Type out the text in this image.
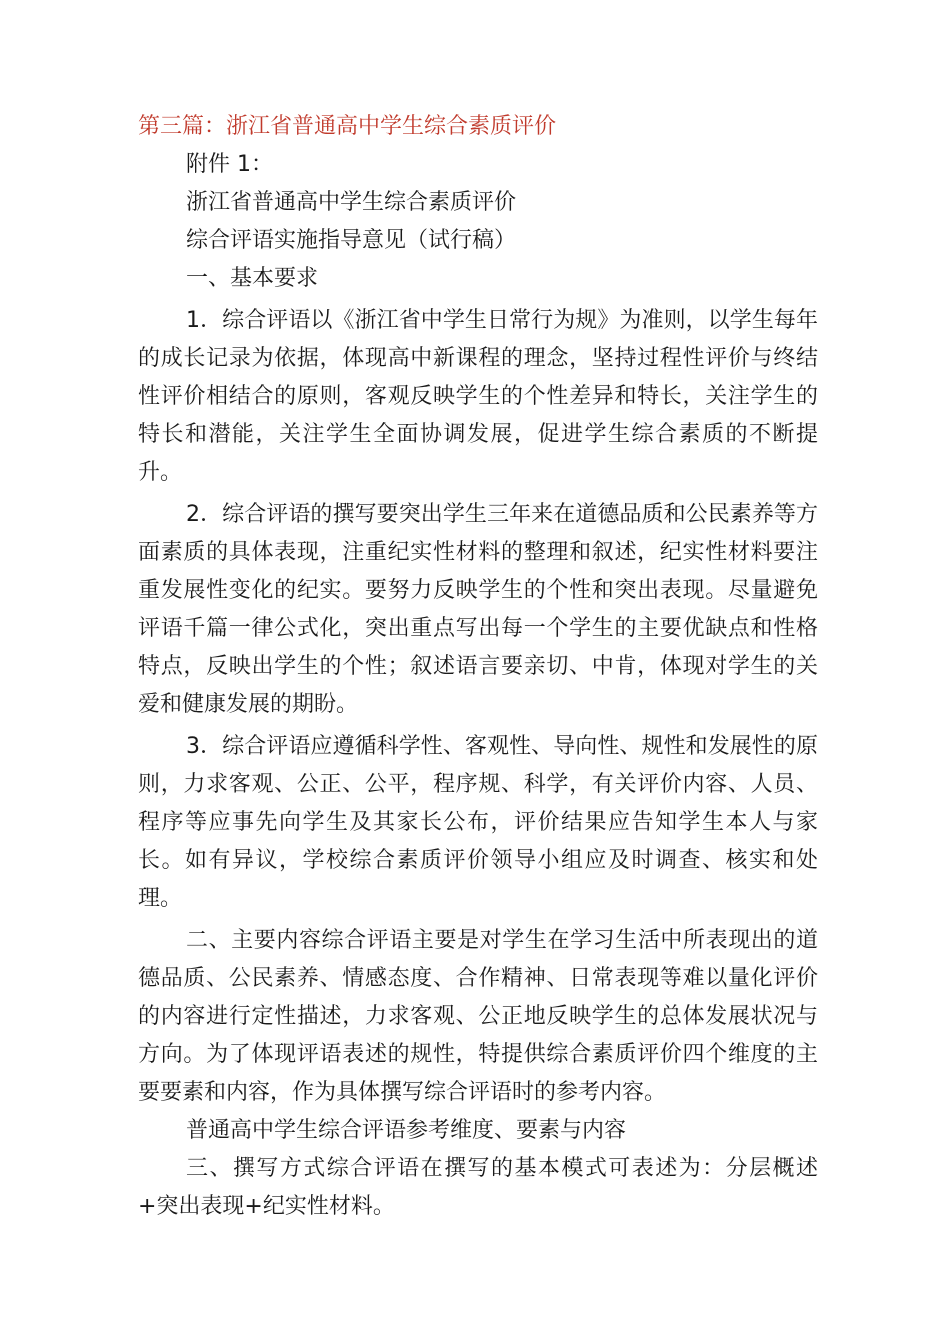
第三篇：浙江省普通高中学生综合素质评价

附件 1：

浙江省普通高中学生综合素质评价

综合评语实施指导意见（试行稿）

一、基本要求

1．综合评语以《浙江省中学生日常行为规》为准则，以学生每年的成长记录为依据，体现高中新课程的理念，坚持过程性评价与终结性评价相结合的原则，客观反映学生的个性差异和特长，关注学生的特长和潜能，关注学生全面协调发展，促进学生综合素质的不断提升。

2．综合评语的撰写要突出学生三年来在道德品质和公民素养等方面素质的具体表现，注重纪实性材料的整理和叙述，纪实性材料要注重发展性变化的纪实。要努力反映学生的个性和突出表现。尽量避免评语千篇一律公式化，突出重点写出每一个学生的主要优缺点和性格特点，反映出学生的个性；叙述语言要亲切、中肯，体现对学生的关爱和健康发展的期盼。

3．综合评语应遵循科学性、客观性、导向性、规性和发展性的原则，力求客观、公正、公平，程序规、科学，有关评价内容、人员、程序等应事先向学生及其家长公布，评价结果应告知学生本人与家长。如有异议，学校综合素质评价领导小组应及时调查、核实和处理。

二、主要内容综合评语主要是对学生在学习生活中所表现出的道德品质、公民素养、情感态度、合作精神、日常表现等难以量化评价的内容进行定性描述，力求客观、公正地反映学生的总体发展状况与方向。为了体现评语表述的规性，特提供综合素质评价四个维度的主要要素和内容，作为具体撰写综合评语时的参考内容。

普通高中学生综合评语参考维度、要素与内容

三、撰写方式综合评语在撰写的基本模式可表述为：分层概述+突出表现+纪实性材料。
